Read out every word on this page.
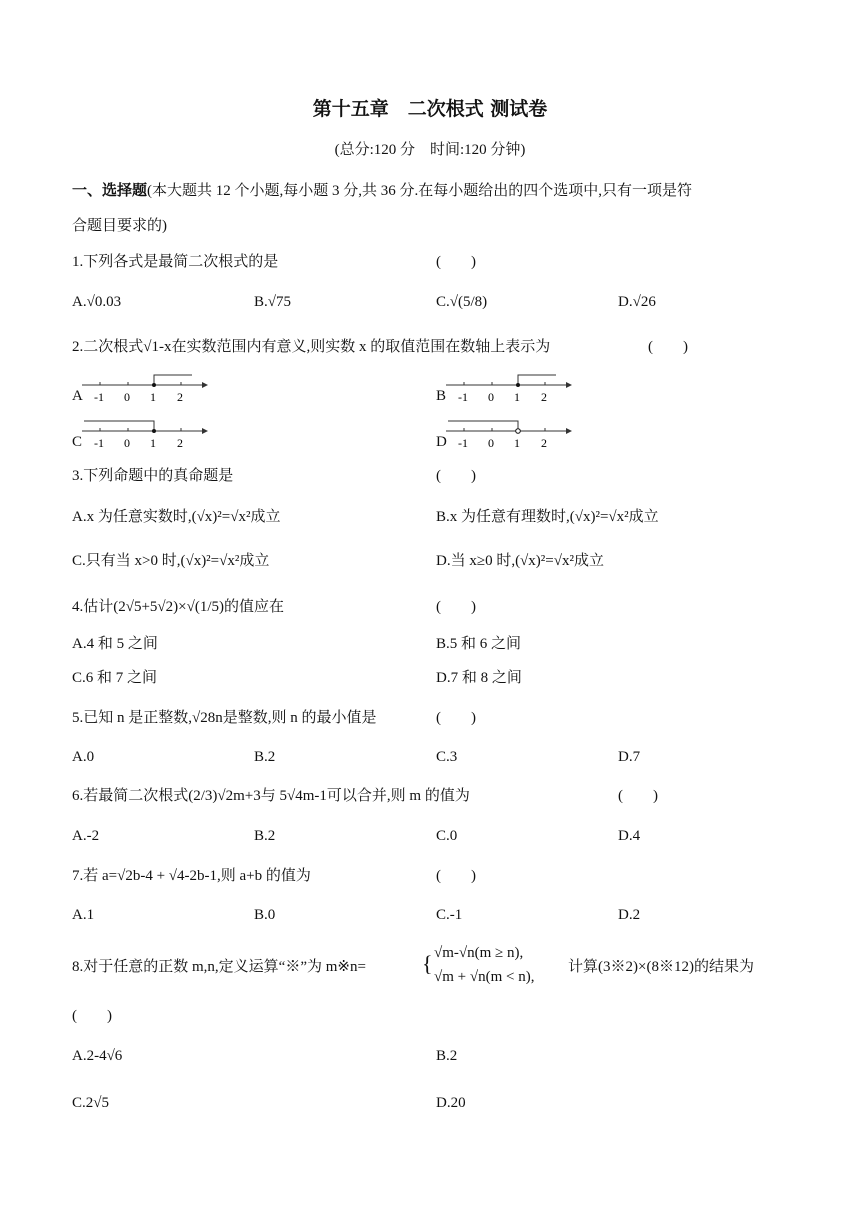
第十五章　二次根式 测试卷
(总分:120 分　时间:120 分钟)
一、选择题(本大题共 12 个小题,每小题 3 分,共 36 分.在每小题给出的四个选项中,只有一项是符
合题目要求的)
1.下列各式是最简二次根式的是	(　　)
A.√0.03	B.√75	C.√(5/8)	D.√26
2.二次根式√1-x在实数范围内有意义,则实数 x 的取值范围在数轴上表示为	(　　)
A -1 0 1 2	B -1 0 1 2
C -1 0 1 2	D -1 0 1 2
3.下列命题中的真命题是	(　　)
A.x 为任意实数时,(√x)²=√x²成立	B.x 为任意有理数时,(√x)²=√x²成立
C.只有当 x>0 时,(√x)²=√x²成立	D.当 x≥0 时,(√x)²=√x²成立
4.估计(2√5+5√2)×√(1/5)的值应在	(　　)
A.4 和 5 之间	B.5 和 6 之间
C.6 和 7 之间	D.7 和 8 之间
5.已知 n 是正整数,√28n是整数,则 n 的最小值是	(　　)
A.0	B.2	C.3	D.7
6.若最简二次根式(2/3)√2m+3与 5√4m-1可以合并,则 m 的值为	(　　)
A.-2	B.2	C.0	D.4
7.若 a=√2b-4 + √4-2b-1,则 a+b 的值为	(　　)
A.1	B.0	C.-1	D.2
8.对于任意的正数 m,n,定义运算“※”为 m※n=	{ √m-√n(m ≥ n),
√m + √n(m < n),
计算(3※2)×(8※12)的结果为
(　　)
A.2-4√6	B.2
C.2√5	D.20
